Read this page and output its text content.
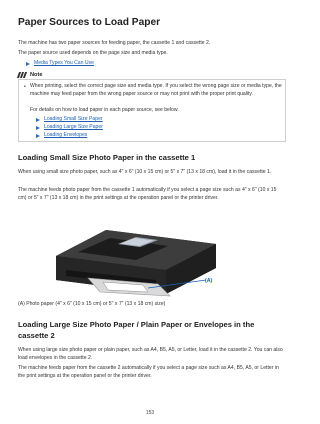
Paper Sources to Load Paper
The machine has two paper sources for feeding paper, the cassette 1 and cassette 2.
The paper source used depends on the page size and media type.
Media Types You Can Use
Note
• When printing, select the correct page size and media type. If you select the wrong page size or media type, the machine may feed paper from the wrong paper source or may not print with the proper print quality.
For details on how to load paper in each paper source, see below.
Loading Small Size Paper
Loading Large Size Paper
Loading Envelopes
Loading Small Size Photo Paper in the cassette 1
When using small size photo paper, such as 4" x 6" (10 x 15 cm) or 5" x 7" (13 x 18 cm), load it in the cassette 1.
The machine feeds photo paper from the cassette 1 automatically if you select a page size such as 4" x 6" (10 x 15 cm) or 5" x 7" (13 x 18 cm) in the print settings at the operation panel or the printer driver.
(A)
(A) Photo paper (4" x 6" (10 x 15 cm) or 5" x 7" (13 x 18 cm) size)
Loading Large Size Photo Paper / Plain Paper or Envelopes in the cassette 2
When using large size photo paper or plain paper, such as A4, B5, A5, or Letter, load it in the cassette 2. You can also load envelopes in the cassette 2.
The machine feeds paper from the cassette 2 automatically if you select a page size such as A4, B5, A5, or Letter in the print settings at the operation panel or the printer driver.
153
